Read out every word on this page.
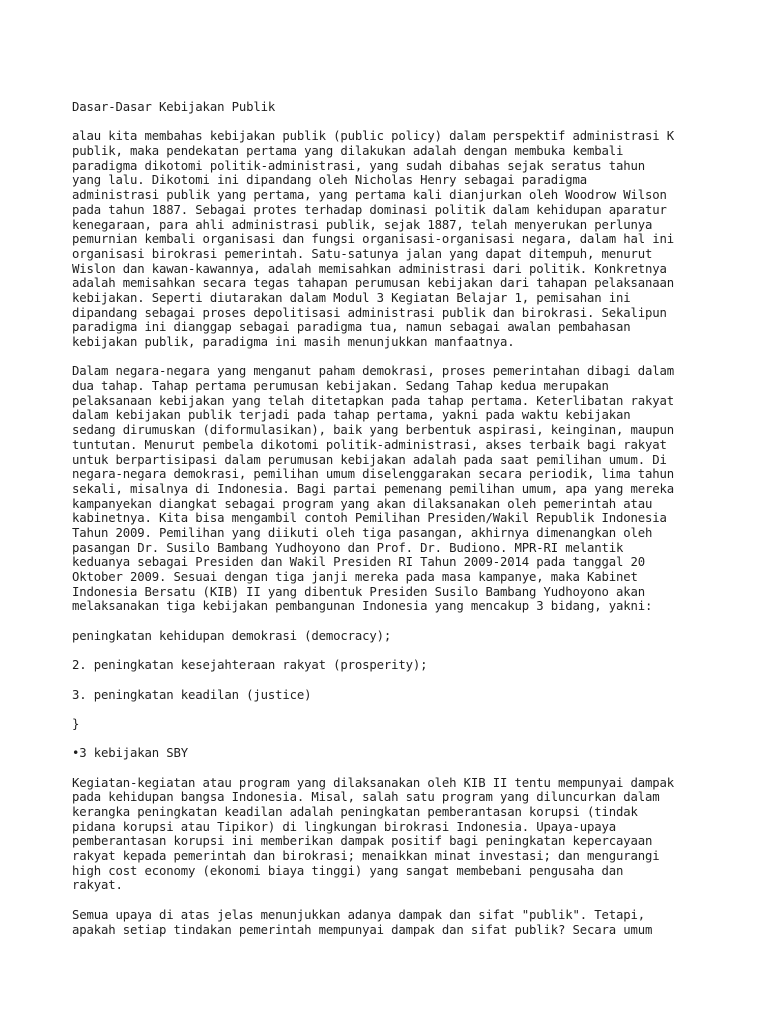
Dasar-Dasar Kebijakan Publik
alau kita membahas kebijakan publik (public policy) dalam perspektif administrasi K
publik, maka pendekatan pertama yang dilakukan adalah dengan membuka kembali
paradigma dikotomi politik-administrasi, yang sudah dibahas sejak seratus tahun
yang lalu. Dikotomi ini dipandang oleh Nicholas Henry sebagai paradigma
administrasi publik yang pertama, yang pertama kali dianjurkan oleh Woodrow Wilson
pada tahun 1887. Sebagai protes terhadap dominasi politik dalam kehidupan aparatur
kenegaraan, para ahli administrasi publik, sejak 1887, telah menyerukan perlunya
pemurnian kembali organisasi dan fungsi organisasi-organisasi negara, dalam hal ini
organisasi birokrasi pemerintah. Satu-satunya jalan yang dapat ditempuh, menurut
Wislon dan kawan-kawannya, adalah memisahkan administrasi dari politik. Konkretnya
adalah memisahkan secara tegas tahapan perumusan kebijakan dari tahapan pelaksanaan
kebijakan. Seperti diutarakan dalam Modul 3 Kegiatan Belajar 1, pemisahan ini
dipandang sebagai proses depolitisasi administrasi publik dan birokrasi. Sekalipun
paradigma ini dianggap sebagai paradigma tua, namun sebagai awalan pembahasan
kebijakan publik, paradigma ini masih menunjukkan manfaatnya.
Dalam negara-negara yang menganut paham demokrasi, proses pemerintahan dibagi dalam
dua tahap. Tahap pertama perumusan kebijakan. Sedang Tahap kedua merupakan
pelaksanaan kebijakan yang telah ditetapkan pada tahap pertama. Keterlibatan rakyat
dalam kebijakan publik terjadi pada tahap pertama, yakni pada waktu kebijakan
sedang dirumuskan (diformulasikan), baik yang berbentuk aspirasi, keinginan, maupun
tuntutan. Menurut pembela dikotomi politik-administrasi, akses terbaik bagi rakyat
untuk berpartisipasi dalam perumusan kebijakan adalah pada saat pemilihan umum. Di
negara-negara demokrasi, pemilihan umum diselenggarakan secara periodik, lima tahun
sekali, misalnya di Indonesia. Bagi partai pemenang pemilihan umum, apa yang mereka
kampanyekan diangkat sebagai program yang akan dilaksanakan oleh pemerintah atau
kabinetnya. Kita bisa mengambil contoh Pemilihan Presiden/Wakil Republik Indonesia
Tahun 2009. Pemilihan yang diikuti oleh tiga pasangan, akhirnya dimenangkan oleh
pasangan Dr. Susilo Bambang Yudhoyono dan Prof. Dr. Budiono. MPR-RI melantik
keduanya sebagai Presiden dan Wakil Presiden RI Tahun 2009-2014 pada tanggal 20
Oktober 2009. Sesuai dengan tiga janji mereka pada masa kampanye, maka Kabinet
Indonesia Bersatu (KIB) II yang dibentuk Presiden Susilo Bambang Yudhoyono akan
melaksanakan tiga kebijakan pembangunan Indonesia yang mencakup 3 bidang, yakni:
peningkatan kehidupan demokrasi (democracy);
2. peningkatan kesejahteraan rakyat (prosperity);
3. peningkatan keadilan (justice)
}
•3 kebijakan SBY
Kegiatan-kegiatan atau program yang dilaksanakan oleh KIB II tentu mempunyai dampak
pada kehidupan bangsa Indonesia. Misal, salah satu program yang diluncurkan dalam
kerangka peningkatan keadilan adalah peningkatan pemberantasan korupsi (tindak
pidana korupsi atau Tipikor) di lingkungan birokrasi Indonesia. Upaya-upaya
pemberantasan korupsi ini memberikan dampak positif bagi peningkatan kepercayaan
rakyat kepada pemerintah dan birokrasi; menaikkan minat investasi; dan mengurangi
high cost economy (ekonomi biaya tinggi) yang sangat membebani pengusaha dan
rakyat.
Semua upaya di atas jelas menunjukkan adanya dampak dan sifat "publik". Tetapi,
apakah setiap tindakan pemerintah mempunyai dampak dan sifat publik? Secara umum
